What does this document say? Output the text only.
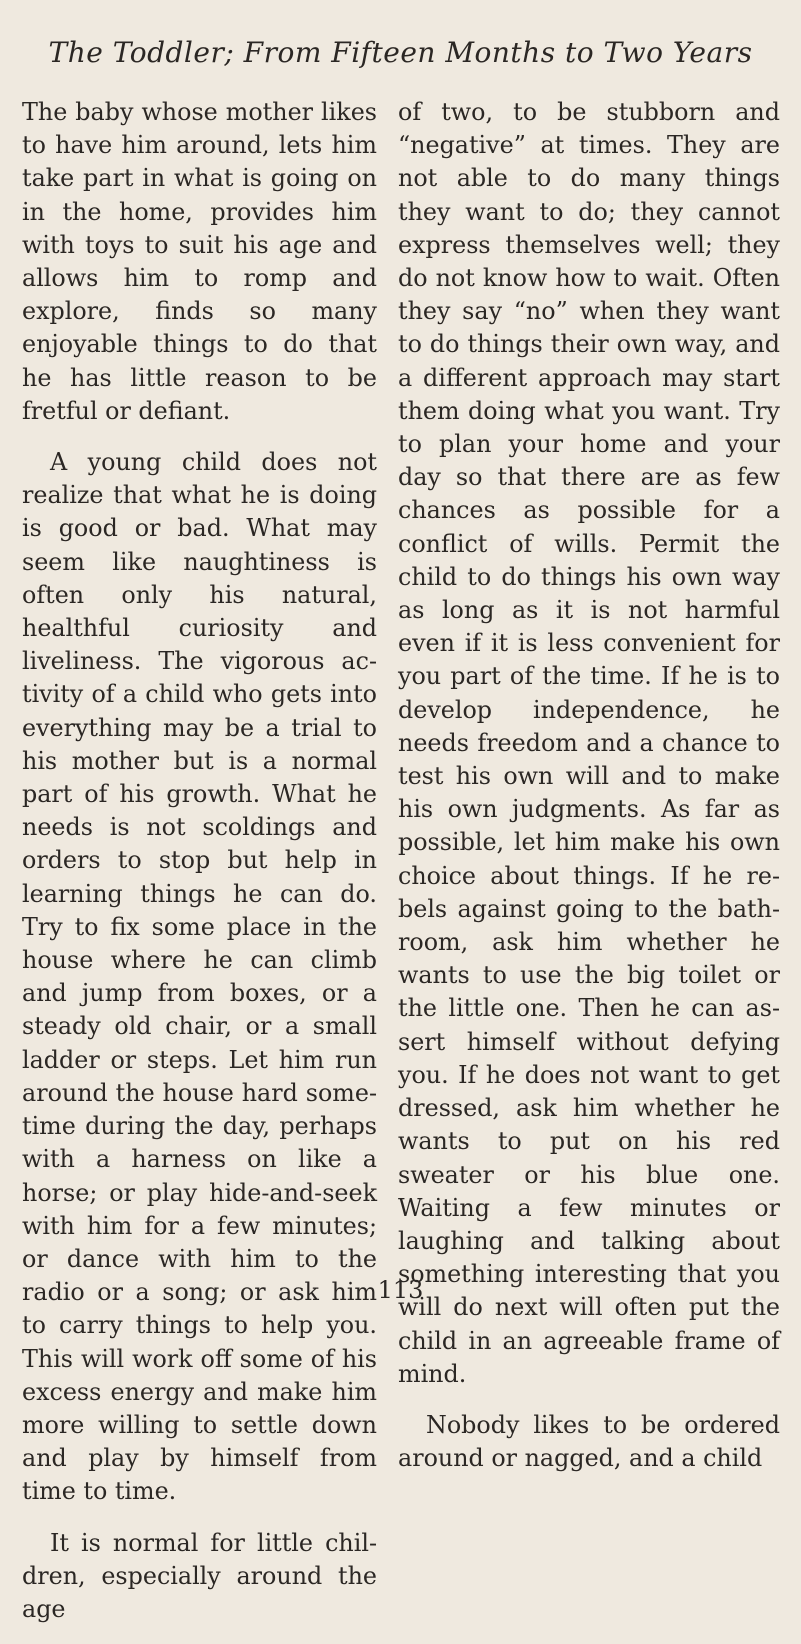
The Toddler; From Fifteen Months to Two Years

The baby whose mother likes to have him around, lets him take part in what is going on in the home, provides him with toys to suit his age and allows him to romp and explore, finds so many enjoyable things to do that he has little reason to be fretful or defiant.

A young child does not realize that what he is doing is good or bad. What may seem like naughtiness is often only his natural, healthful curiosity and liveliness. The vigorous activity of a child who gets into everything may be a trial to his mother but is a normal part of his growth. What he needs is not scoldings and orders to stop but help in learning things he can do. Try to fix some place in the house where he can climb and jump from boxes, or a steady old chair, or a small ladder or steps. Let him run around the house hard sometime during the day, perhaps with a harness on like a horse; or play hide-and-seek with him for a few minutes; or dance with him to the radio or a song; or ask him to carry things to help you. This will work off some of his excess energy and make him more willing to settle down and play by himself from time to time.

It is normal for little children, especially around the age

of two, to be stubborn and “negative” at times. They are not able to do many things they want to do; they cannot express themselves well; they do not know how to wait. Often they say “no” when they want to do things their own way, and a different approach may start them doing what you want. Try to plan your home and your day so that there are as few chances as possible for a conflict of wills. Permit the child to do things his own way as long as it is not harmful even if it is less convenient for you part of the time. If he is to develop independence, he needs freedom and a chance to test his own will and to make his own judgments. As far as possible, let him make his own choice about things. If he rebels against going to the bathroom, ask him whether he wants to use the big toilet or the little one. Then he can assert himself without defying you. If he does not want to get dressed, ask him whether he wants to put on his red sweater or his blue one. Waiting a few minutes or laughing and talking about something interesting that you will do next will often put the child in an agreeable frame of mind.

Nobody likes to be ordered around or nagged, and a child

113
